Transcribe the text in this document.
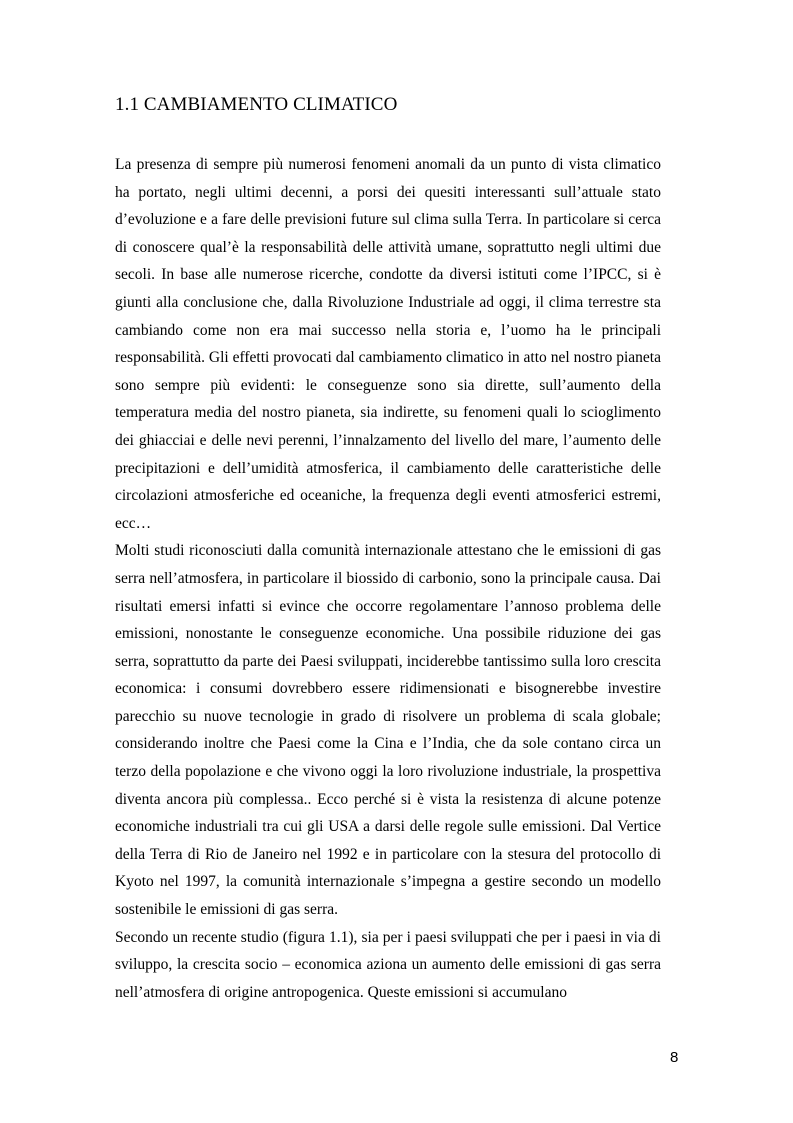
1.1 CAMBIAMENTO CLIMATICO

La presenza di sempre più numerosi fenomeni anomali da un punto di vista climatico ha portato, negli ultimi decenni, a porsi dei quesiti interessanti sull’attuale stato d’evoluzione e a fare delle previsioni future sul clima sulla Terra. In particolare si cerca di conoscere qual’è la responsabilità delle attività umane, soprattutto negli ultimi due secoli. In base alle numerose ricerche, condotte da diversi istituti come l’IPCC, si è giunti alla conclusione che, dalla Rivoluzione Industriale ad oggi, il clima terrestre sta cambiando come non era mai successo nella storia e, l’uomo ha le principali responsabilità. Gli effetti provocati dal cambiamento climatico in atto nel nostro pianeta sono sempre più evidenti: le conseguenze sono sia dirette, sull’aumento della temperatura media del nostro pianeta, sia indirette, su fenomeni quali lo scioglimento dei ghiacciai e delle nevi perenni, l’innalzamento del livello del mare, l’aumento delle precipitazioni e dell’umidità atmosferica, il cambiamento delle caratteristiche delle circolazioni atmosferiche ed oceaniche, la frequenza degli eventi atmosferici estremi, ecc…

Molti studi riconosciuti dalla comunità internazionale attestano che le emissioni di gas serra nell’atmosfera, in particolare il biossido di carbonio, sono la principale causa. Dai risultati emersi infatti si evince che occorre regolamentare l’annoso problema delle emissioni, nonostante le conseguenze economiche. Una possibile riduzione dei gas serra, soprattutto da parte dei Paesi sviluppati, inciderebbe tantissimo sulla loro crescita economica: i consumi dovrebbero essere ridimensionati e bisognerebbe investire parecchio su nuove tecnologie in grado di risolvere un problema di scala globale; considerando inoltre che Paesi come la Cina e l’India, che da sole contano circa un terzo della popolazione e che vivono oggi la loro rivoluzione industriale, la prospettiva diventa ancora più complessa.. Ecco perché si è vista la resistenza di alcune potenze economiche industriali tra cui gli USA a darsi delle regole sulle emissioni. Dal Vertice della Terra di Rio de Janeiro nel 1992 e in particolare con la stesura del protocollo di Kyoto nel 1997, la comunità internazionale s’impegna a gestire secondo un modello sostenibile le emissioni di gas serra.

Secondo un recente studio (figura 1.1), sia per i paesi sviluppati che per i paesi in via di sviluppo, la crescita socio – economica aziona un aumento delle emissioni di gas serra nell’atmosfera di origine antropogenica. Queste emissioni si accumulano

8
